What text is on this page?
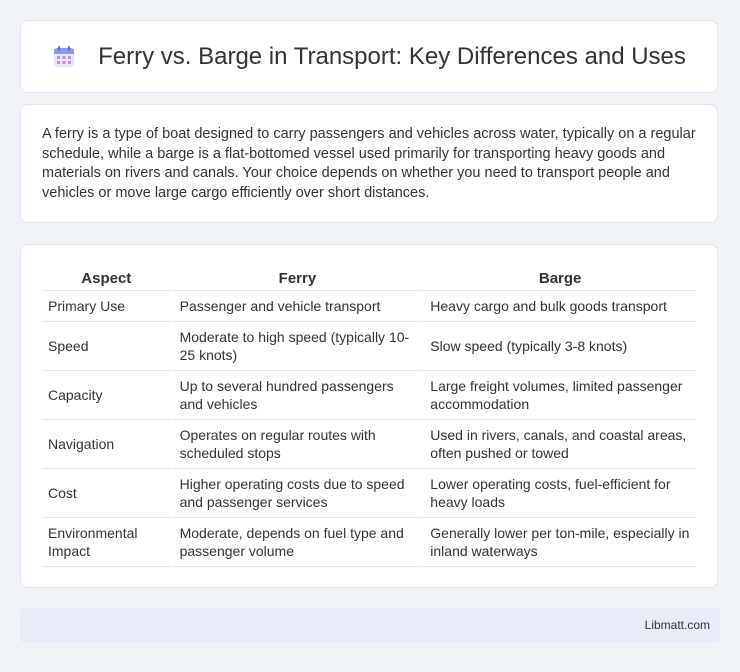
Ferry vs. Barge in Transport: Key Differences and Uses

A ferry is a type of boat designed to carry passengers and vehicles across water, typically on a regular schedule, while a barge is a flat-bottomed vessel used primarily for transporting heavy goods and materials on rivers and canals. Your choice depends on whether you need to transport people and vehicles or move large cargo efficiently over short distances.

Aspect	Ferry	Barge
Primary Use	Passenger and vehicle transport	Heavy cargo and bulk goods transport
Speed	Moderate to high speed (typically 10-25 knots)	Slow speed (typically 3-8 knots)
Capacity	Up to several hundred passengers and vehicles	Large freight volumes, limited passenger accommodation
Navigation	Operates on regular routes with scheduled stops	Used in rivers, canals, and coastal areas, often pushed or towed
Cost	Higher operating costs due to speed and passenger services	Lower operating costs, fuel-efficient for heavy loads
Environmental Impact	Moderate, depends on fuel type and passenger volume	Generally lower per ton-mile, especially in inland waterways
Libmatt.com
